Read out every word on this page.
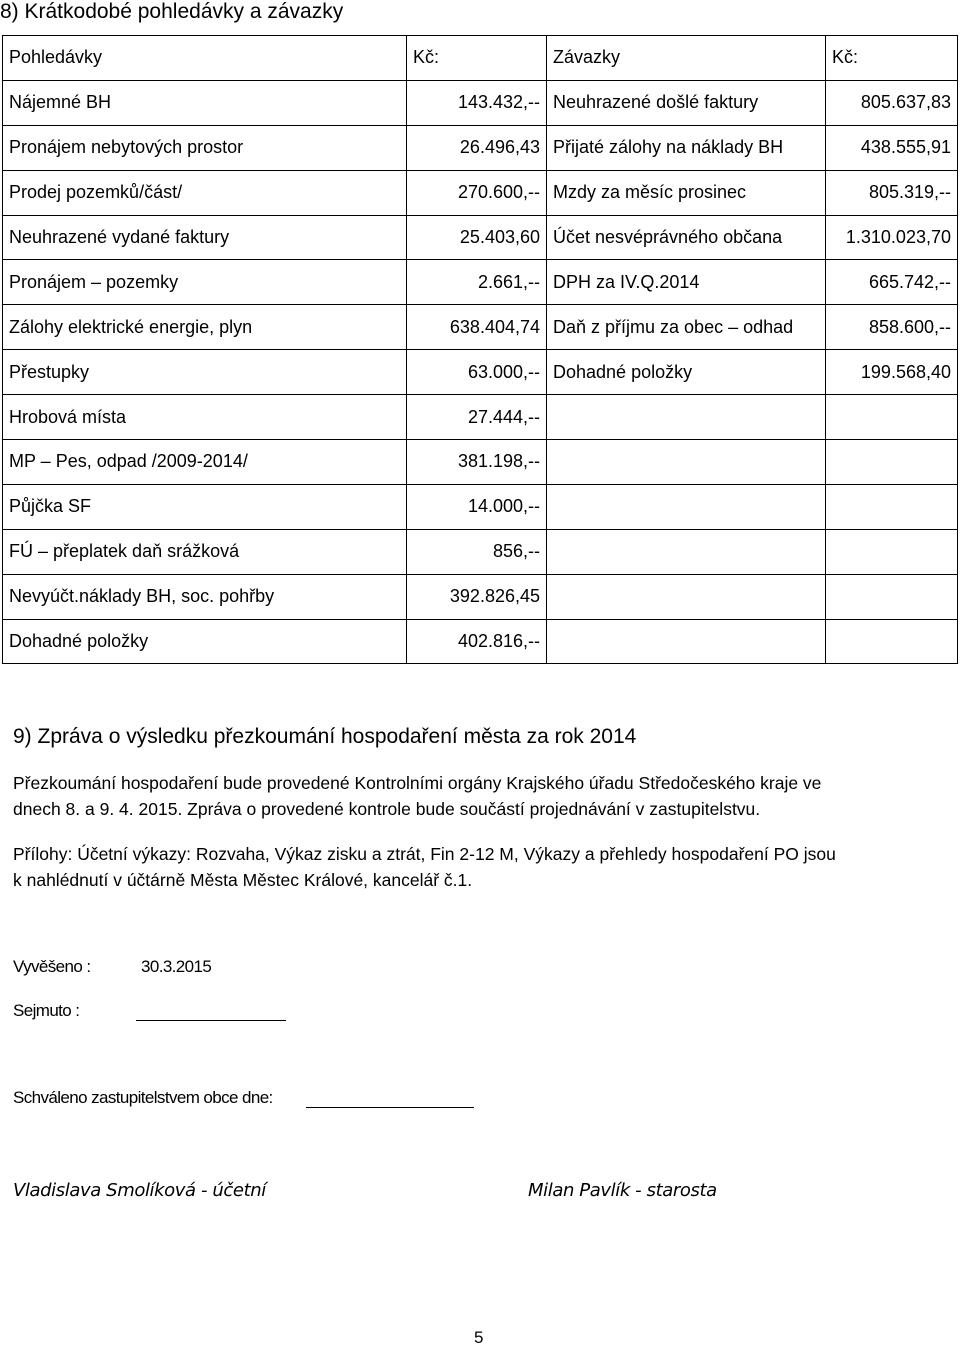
8) Krátkodobé pohledávky a závazky
Pohledávky	Kč:	Závazky	Kč:
Nájemné BH	143.432,--	Neuhrazené došlé faktury	805.637,83
Pronájem nebytových prostor	26.496,43	Přijaté zálohy na náklady BH	438.555,91
Prodej pozemků/část/	270.600,--	Mzdy za měsíc prosinec	805.319,--
Neuhrazené vydané faktury	25.403,60	Účet nesvéprávného občana	1.310.023,70
Pronájem – pozemky	2.661,--	DPH za IV.Q.2014	665.742,--
Zálohy elektrické energie, plyn	638.404,74	Daň z příjmu za obec – odhad	858.600,--
Přestupky	63.000,--	Dohadné položky	199.568,40
Hrobová místa	27.444,--		
MP – Pes, odpad /2009-2014/	381.198,--		
Půjčka SF	14.000,--		
FÚ – přeplatek daň srážková	856,--		
Nevyúčt.náklady BH, soc. pohřby	392.826,45		
Dohadné položky	402.816,--		
9) Zpráva o výsledku přezkoumání hospodaření města za rok 2014
Přezkoumání hospodaření bude provedené Kontrolními orgány Krajského úřadu Středočeského kraje ve
dnech 8. a 9. 4. 2015. Zpráva o provedené kontrole bude součástí projednávání v zastupitelstvu.
Přílohy: Účetní výkazy: Rozvaha, Výkaz zisku a ztrát, Fin 2-12 M, Výkazy a přehledy hospodaření PO jsou
k nahlédnutí v účtárně Města Městec Králové, kancelář č.1.
Vyvěšeno :	30.3.2015
Sejmuto :
Schváleno zastupitelstvem obce dne:
Vladislava Smolíková - účetní	Milan Pavlík - starosta
5
